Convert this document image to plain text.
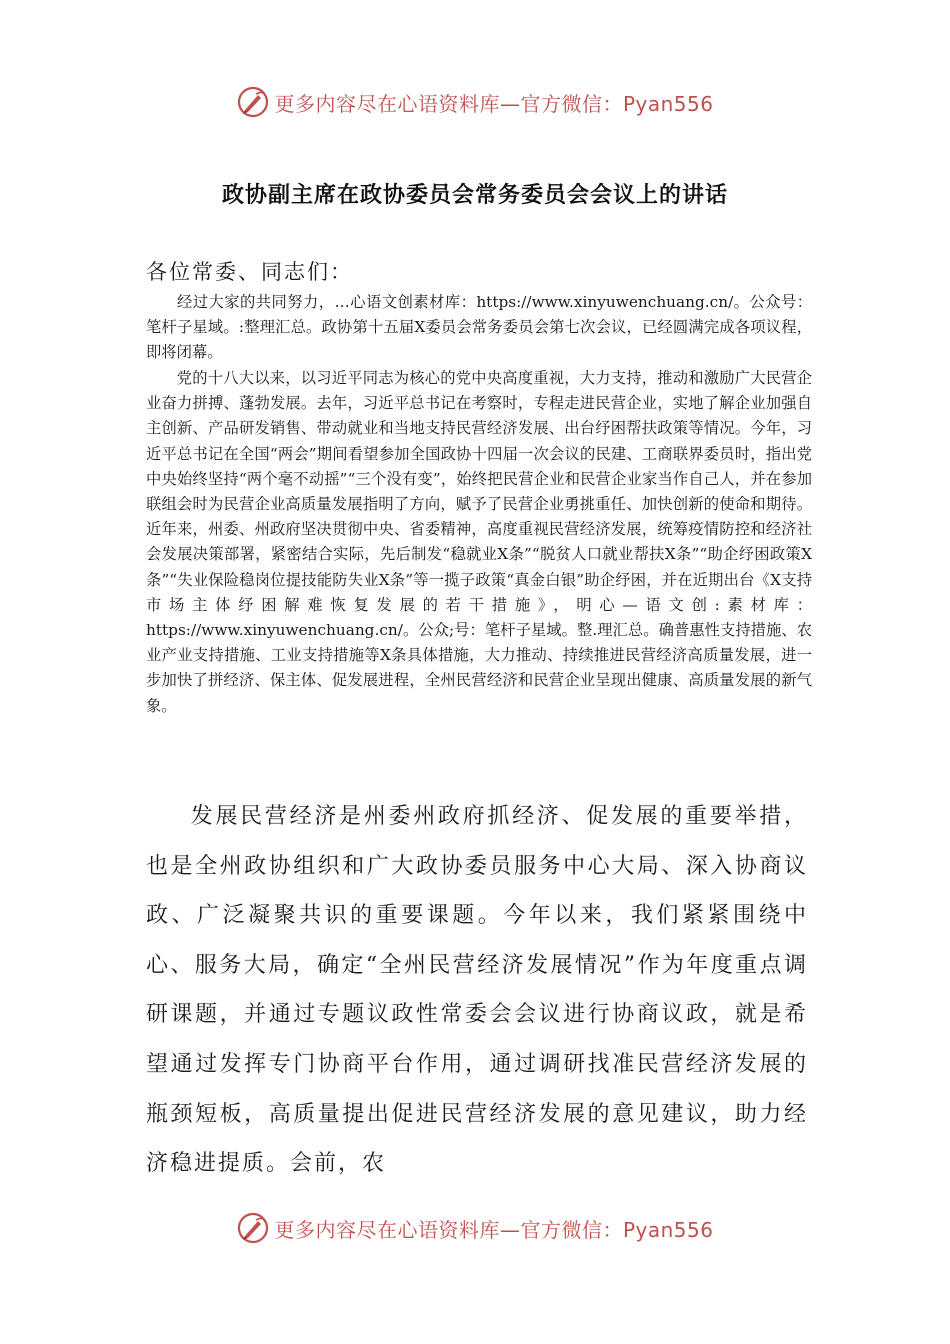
更多内容尽在心语资料库—官方微信：Pyan556
政协副主席在政协委员会常务委员会会议上的讲话
各位常委、同志们：

经过大家的共同努力，…心语文创素材库：https://www.xinyuwenchuang.cn/。公众号：笔杆子星域。:整理汇总。政协第十五届X委员会常务委员会第七次会议，已经圆满完成各项议程，即将闭幕。

党的十八大以来，以习近平同志为核心的党中央高度重视，大力支持，推动和激励广大民营企业奋力拼搏、蓬勃发展。去年，习近平总书记在考察时，专程走进民营企业，实地了解企业加强自主创新、产品研发销售、带动就业和当地支持民营经济发展、出台纾困帮扶政策等情况。今年，习近平总书记在全国“两会”期间看望参加全国政协十四届一次会议的民建、工商联界委员时，指出党中央始终坚持“两个毫不动摇”“三个没有变”，始终把民营企业和民营企业家当作自己人，并在参加联组会时为民营企业高质量发展指明了方向，赋予了民营企业勇挑重任、加快创新的使命和期待。近年来，州委、州政府坚决贯彻中央、省委精神，高度重视民营经济发展，统筹疫情防控和经济社会发展决策部署，紧密结合实际，先后制发“稳就业X条”“脱贫人口就业帮扶X条”“助企纾困政策X条”“失业保险稳岗位提技能防失业X条”等一揽子政策“真金白银”助企纾困，并在近期出台《X支持市场主体纾困解难恢复发展的若干措施》，明心—语文创:素材库：https://www.xinyuwenchuang.cn/。公众;号：笔杆子星域。整.理汇总。确普惠性支持措施、农业产业支持措施、工业支持措施等X条具体措施，大力推动、持续推进民营经济高质量发展，进一步加快了拼经济、保主体、促发展进程，全州民营经济和民营企业呈现出健康、高质量发展的新气象。

发展民营经济是州委州政府抓经济、促发展的重要举措，也是全州政协组织和广大政协委员服务中心大局、深入协商议政、广泛凝聚共识的重要课题。今年以来，我们紧紧围绕中心、服务大局，确定“全州民营经济发展情况”作为年度重点调研课题，并通过专题议政性常委会会议进行协商议政，就是希望通过发挥专门协商平台作用，通过调研找准民营经济发展的瓶颈短板，高质量提出促进民营经济发展的意见建议，助力经济稳进提质。会前，农

更多内容尽在心语资料库—官方微信：Pyan556
